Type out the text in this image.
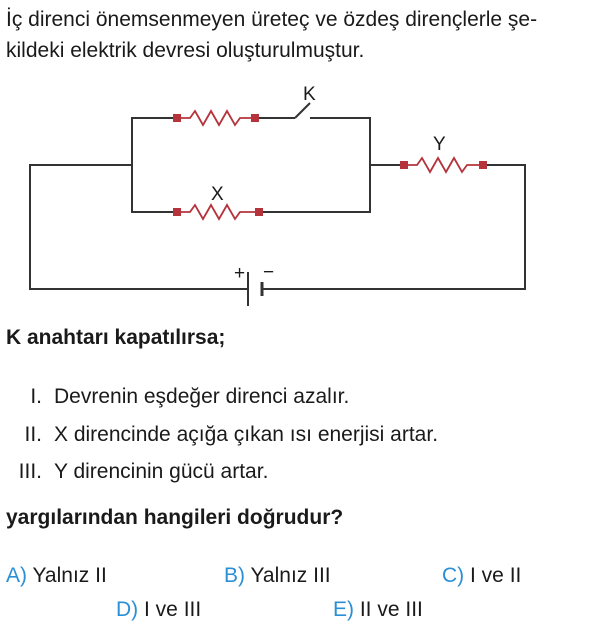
İç direnci önemsenmeyen üreteç ve özdeş dirençlerle şe-
kildeki elektrik devresi oluşturulmuştur.

K
X
Y
+ −

K anahtarı kapatılırsa;

I. Devrenin eşdeğer direnci azalır.
II. X direncinde açığa çıkan ısı enerjisi artar.
III. Y direncinin gücü artar.

yargılarından hangileri doğrudur?

A) Yalnız II	B) Yalnız III	C) I ve II
D) I ve III	E) II ve III
